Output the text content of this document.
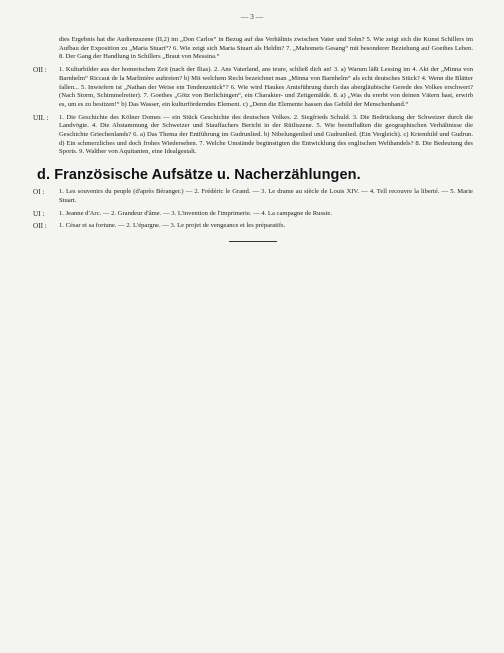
— 3 —
dies Ergebnis hat die Audienzszene (II,2) im „Don Carlos“ in Bezug auf das Verhältnis zwischen Vater und Sohn? 5. Wie zeigt sich die Kunst Schillers im Aufbau der Exposition zu „Maria Stuart“? 6. Wie zeigt sich Maria Stuart als Heldin? 7. „Mahomets Gesang“ mit besonderer Beziehung auf Goethes Leben. 8. Der Gang der Handlung in Schillers „Braut von Messina.“
OII :	1. Kulturbilder aus der homerischen Zeit (nach der Ilias). 2. Ans Vaterland, ans teure, schließ dich an! 3. a) Warum läßt Lessing im 4. Akt der „Minna von Barnhelm“ Riccaut de la Marlinière auftreten? b) Mit welchem Recht bezeichnet man „Minna von Barnhelm“ als echt deutsches Stück? 4. Wenn die Blätter fallen... 5. Inwiefern ist „Nathan der Weise ein Tendenzstück“? 6. Wie wird Haukes Amtsführung durch das abergläubische Gerede des Volkes erschwert? (Nach Storm, Schimmelreiter). 7. Goethes „Götz von Berlichingen“, ein Charakter- und Zeitgemälde. 8. a) „Was du ererbt von deinen Vätern hast, erwirb es, um es zu besitzen!“ b) Das Wasser, ein kulturförderndes Element. c) „Denn die Elemente hassen das Gebild der Menschenhand.“
UII. :	1. Die Geschichte des Kölner Domes — ein Stück Geschichte des deutschen Volkes. 2. Siegfrieds Schuld. 3. Die Bedrückung der Schweizer durch die Landvögte. 4. Die Abstammung der Schweizer und Stauffachers Bericht in der Rütliszene. 5. Wie beeinflußten die geographischen Verhältnisse die Geschichte Griechenlands? 6. a) Das Thema der Entführung im Gudrunlied. b) Nibelungenlied und Gudrunlied. (Ein Vergleich). c) Kriemhild und Gudrun. d) Ein schmerzliches und doch frohes Wiedersehen. 7. Welche Umstände begünstigten die Entwicklung des englischen Welthandels? 8. Die Bedeutung des Sports. 9. Walther von Aquitanien, eine Idealgestalt.
d. Französische Aufsätze u. Nacherzählungen.
OI :	1. Les souvenirs du peuple (d'après Béranger.) — 2. Frédéric le Grand. — 3. Le drame au siècle de Louis XIV. — 4. Tell recouvre la liberté. — 5. Marie Stuart.
UI :	1. Jeanne d'Arc. — 2. Grandeur d'âme. — 3. L'invention de l'imprimerie. — 4. La campagne de Russie.
OII :	1. César et sa fortune. — 2. L'épargne. — 3. Le projet de vengeance et les préparatifs.
